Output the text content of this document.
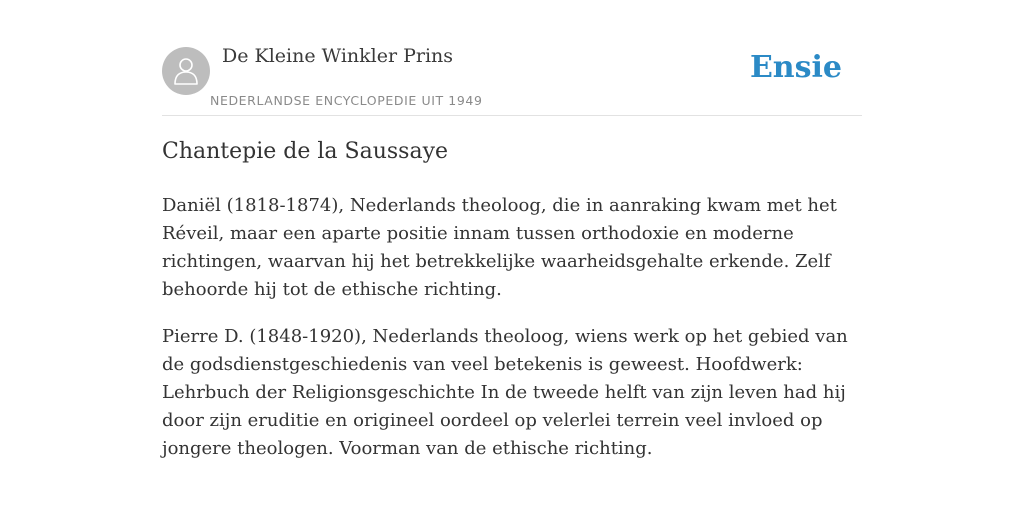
De Kleine Winkler Prins
NEDERLANDSE ENCYCLOPEDIE UIT 1949
Ensie
Chantepie de la Saussaye

Daniël (1818-1874), Nederlands theoloog, die in aanraking kwam met het Réveil, maar een aparte positie innam tussen orthodoxie en moderne richtingen, waarvan hij het betrekkelijke waarheidsgehalte erkende. Zelf behoorde hij tot de ethische richting.

Pierre D. (1848-1920), Nederlands theoloog, wiens werk op het gebied van de godsdienstgeschiedenis van veel betekenis is geweest. Hoofdwerk: Lehrbuch der Religionsgeschichte In de tweede helft van zijn leven had hij door zijn eruditie en origineel oordeel op velerlei terrein veel invloed op jongere theologen. Voorman van de ethische richting.
